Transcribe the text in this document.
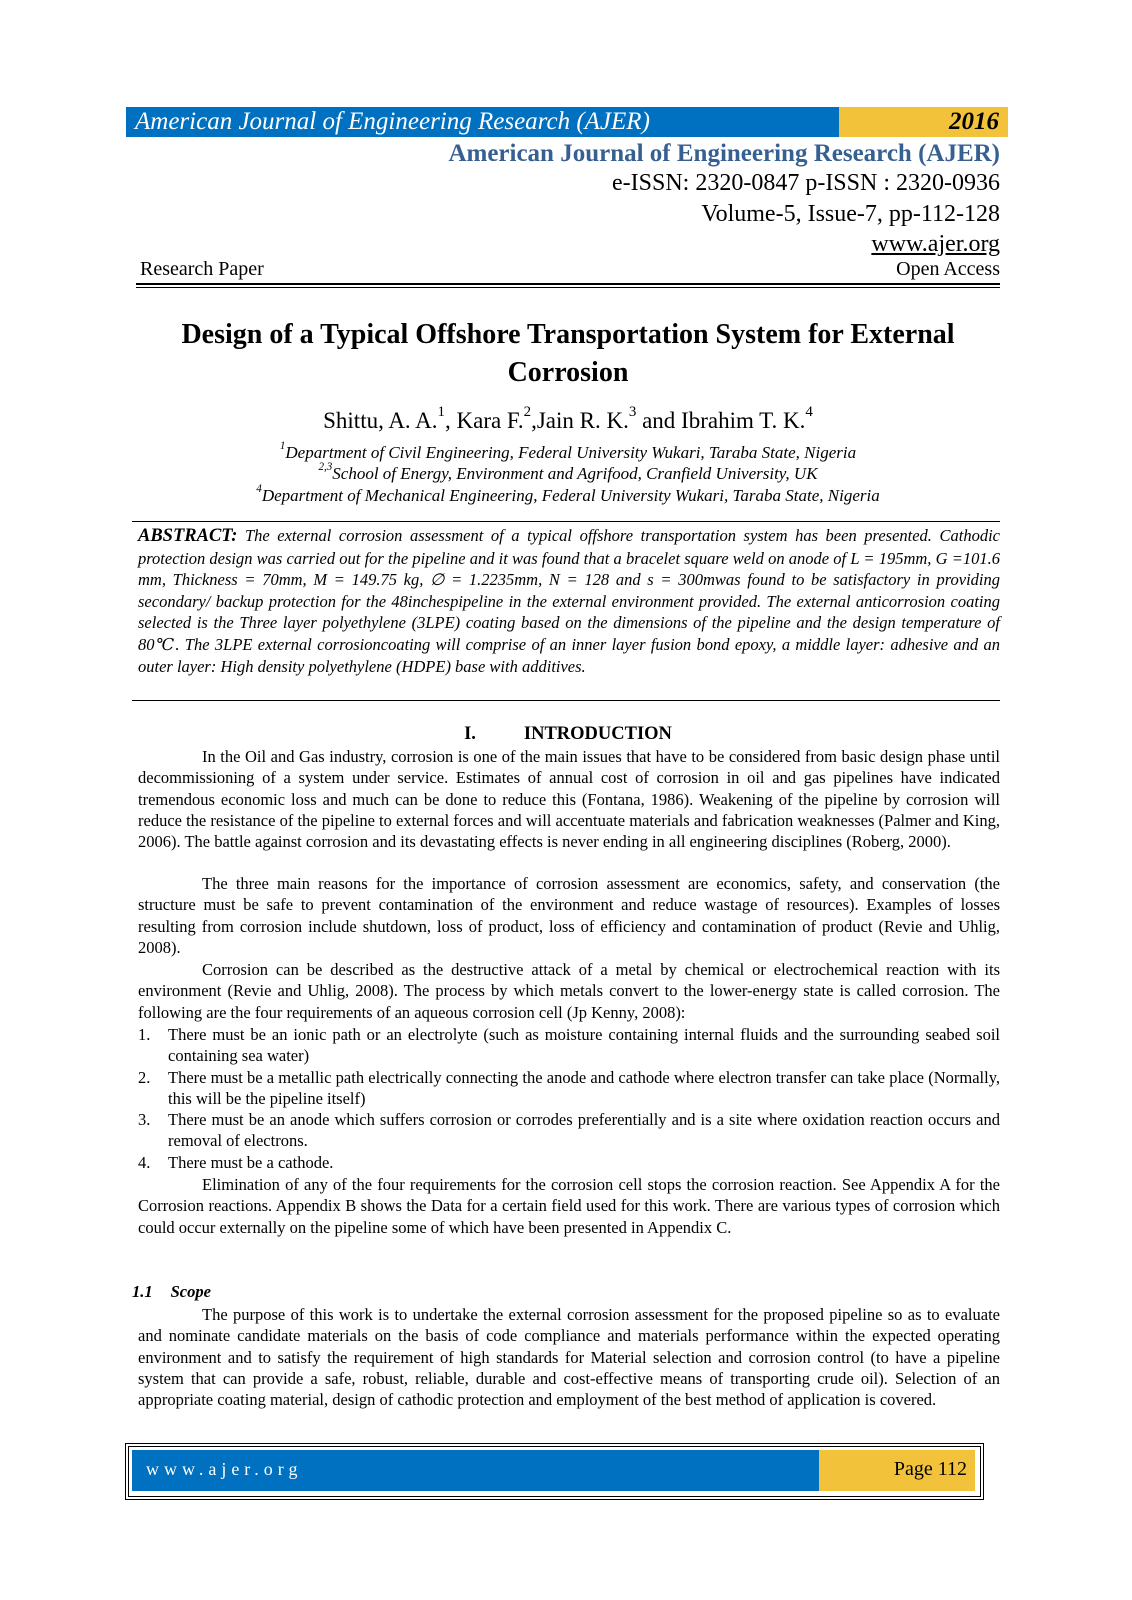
American Journal of Engineering Research (AJER)	2016
American Journal of Engineering Research (AJER)
e-ISSN: 2320-0847 p-ISSN : 2320-0936
Volume-5, Issue-7, pp-112-128
www.ajer.org
Research Paper	Open Access
Design of a Typical Offshore Transportation System for External
Corrosion
Shittu, A. A.$^1$, Kara F.$^2$,Jain R. K.$^3$ and Ibrahim T. K.$^4$
$^1$Department of Civil Engineering, Federal University Wukari, Taraba State, Nigeria
$^{2,3}$School of Energy, Environment and Agrifood, Cranfield University, UK
$^4$Department of Mechanical Engineering, Federal University Wukari, Taraba State, Nigeria
ABSTRACT: The external corrosion assessment of a typical offshore transportation system has been presented. Cathodic protection design was carried out for the pipeline and it was found that a bracelet square weld on anode of L = 195mm, G =101.6 mm, Thickness = 70mm, M = 149.75 kg, ∅ = 1.2235mm, N = 128 and s = 300mwas found to be satisfactory in providing secondary/ backup protection for the 48inchespipeline in the external environment provided. The external anticorrosion coating selected is the Three layer polyethylene (3LPE) coating based on the dimensions of the pipeline and the design temperature of 80℃. The 3LPE external corrosioncoating will comprise of an inner layer fusion bond epoxy, a middle layer: adhesive and an outer layer: High density polyethylene (HDPE) base with additives.
I.	INTRODUCTION
In the Oil and Gas industry, corrosion is one of the main issues that have to be considered from basic design phase until decommissioning of a system under service. Estimates of annual cost of corrosion in oil and gas pipelines have indicated tremendous economic loss and much can be done to reduce this (Fontana, 1986). Weakening of the pipeline by corrosion will reduce the resistance of the pipeline to external forces and will accentuate materials and fabrication weaknesses (Palmer and King, 2006). The battle against corrosion and its devastating effects is never ending in all engineering disciplines (Roberg, 2000).
The three main reasons for the importance of corrosion assessment are economics, safety, and conservation (the structure must be safe to prevent contamination of the environment and reduce wastage of resources). Examples of losses resulting from corrosion include shutdown, loss of product, loss of efficiency and contamination of product (Revie and Uhlig, 2008).
Corrosion can be described as the destructive attack of a metal by chemical or electrochemical reaction with its environment (Revie and Uhlig, 2008). The process by which metals convert to the lower-energy state is called corrosion. The following are the four requirements of an aqueous corrosion cell (Jp Kenny, 2008):
1. There must be an ionic path or an electrolyte (such as moisture containing internal fluids and the surrounding seabed soil containing sea water)
2. There must be a metallic path electrically connecting the anode and cathode where electron transfer can take place (Normally, this will be the pipeline itself)
3. There must be an anode which suffers corrosion or corrodes preferentially and is a site where oxidation reaction occurs and removal of electrons.
4. There must be a cathode.
Elimination of any of the four requirements for the corrosion cell stops the corrosion reaction. See Appendix A for the Corrosion reactions. Appendix B shows the Data for a certain field used for this work. There are various types of corrosion which could occur externally on the pipeline some of which have been presented in Appendix C.
1.1 Scope
The purpose of this work is to undertake the external corrosion assessment for the proposed pipeline so as to evaluate and nominate candidate materials on the basis of code compliance and materials performance within the expected operating environment and to satisfy the requirement of high standards for Material selection and corrosion control (to have a pipeline system that can provide a safe, robust, reliable, durable and cost-effective means of transporting crude oil). Selection of an appropriate coating material, design of cathodic protection and employment of the best method of application is covered.
www.ajer.org	Page 112
